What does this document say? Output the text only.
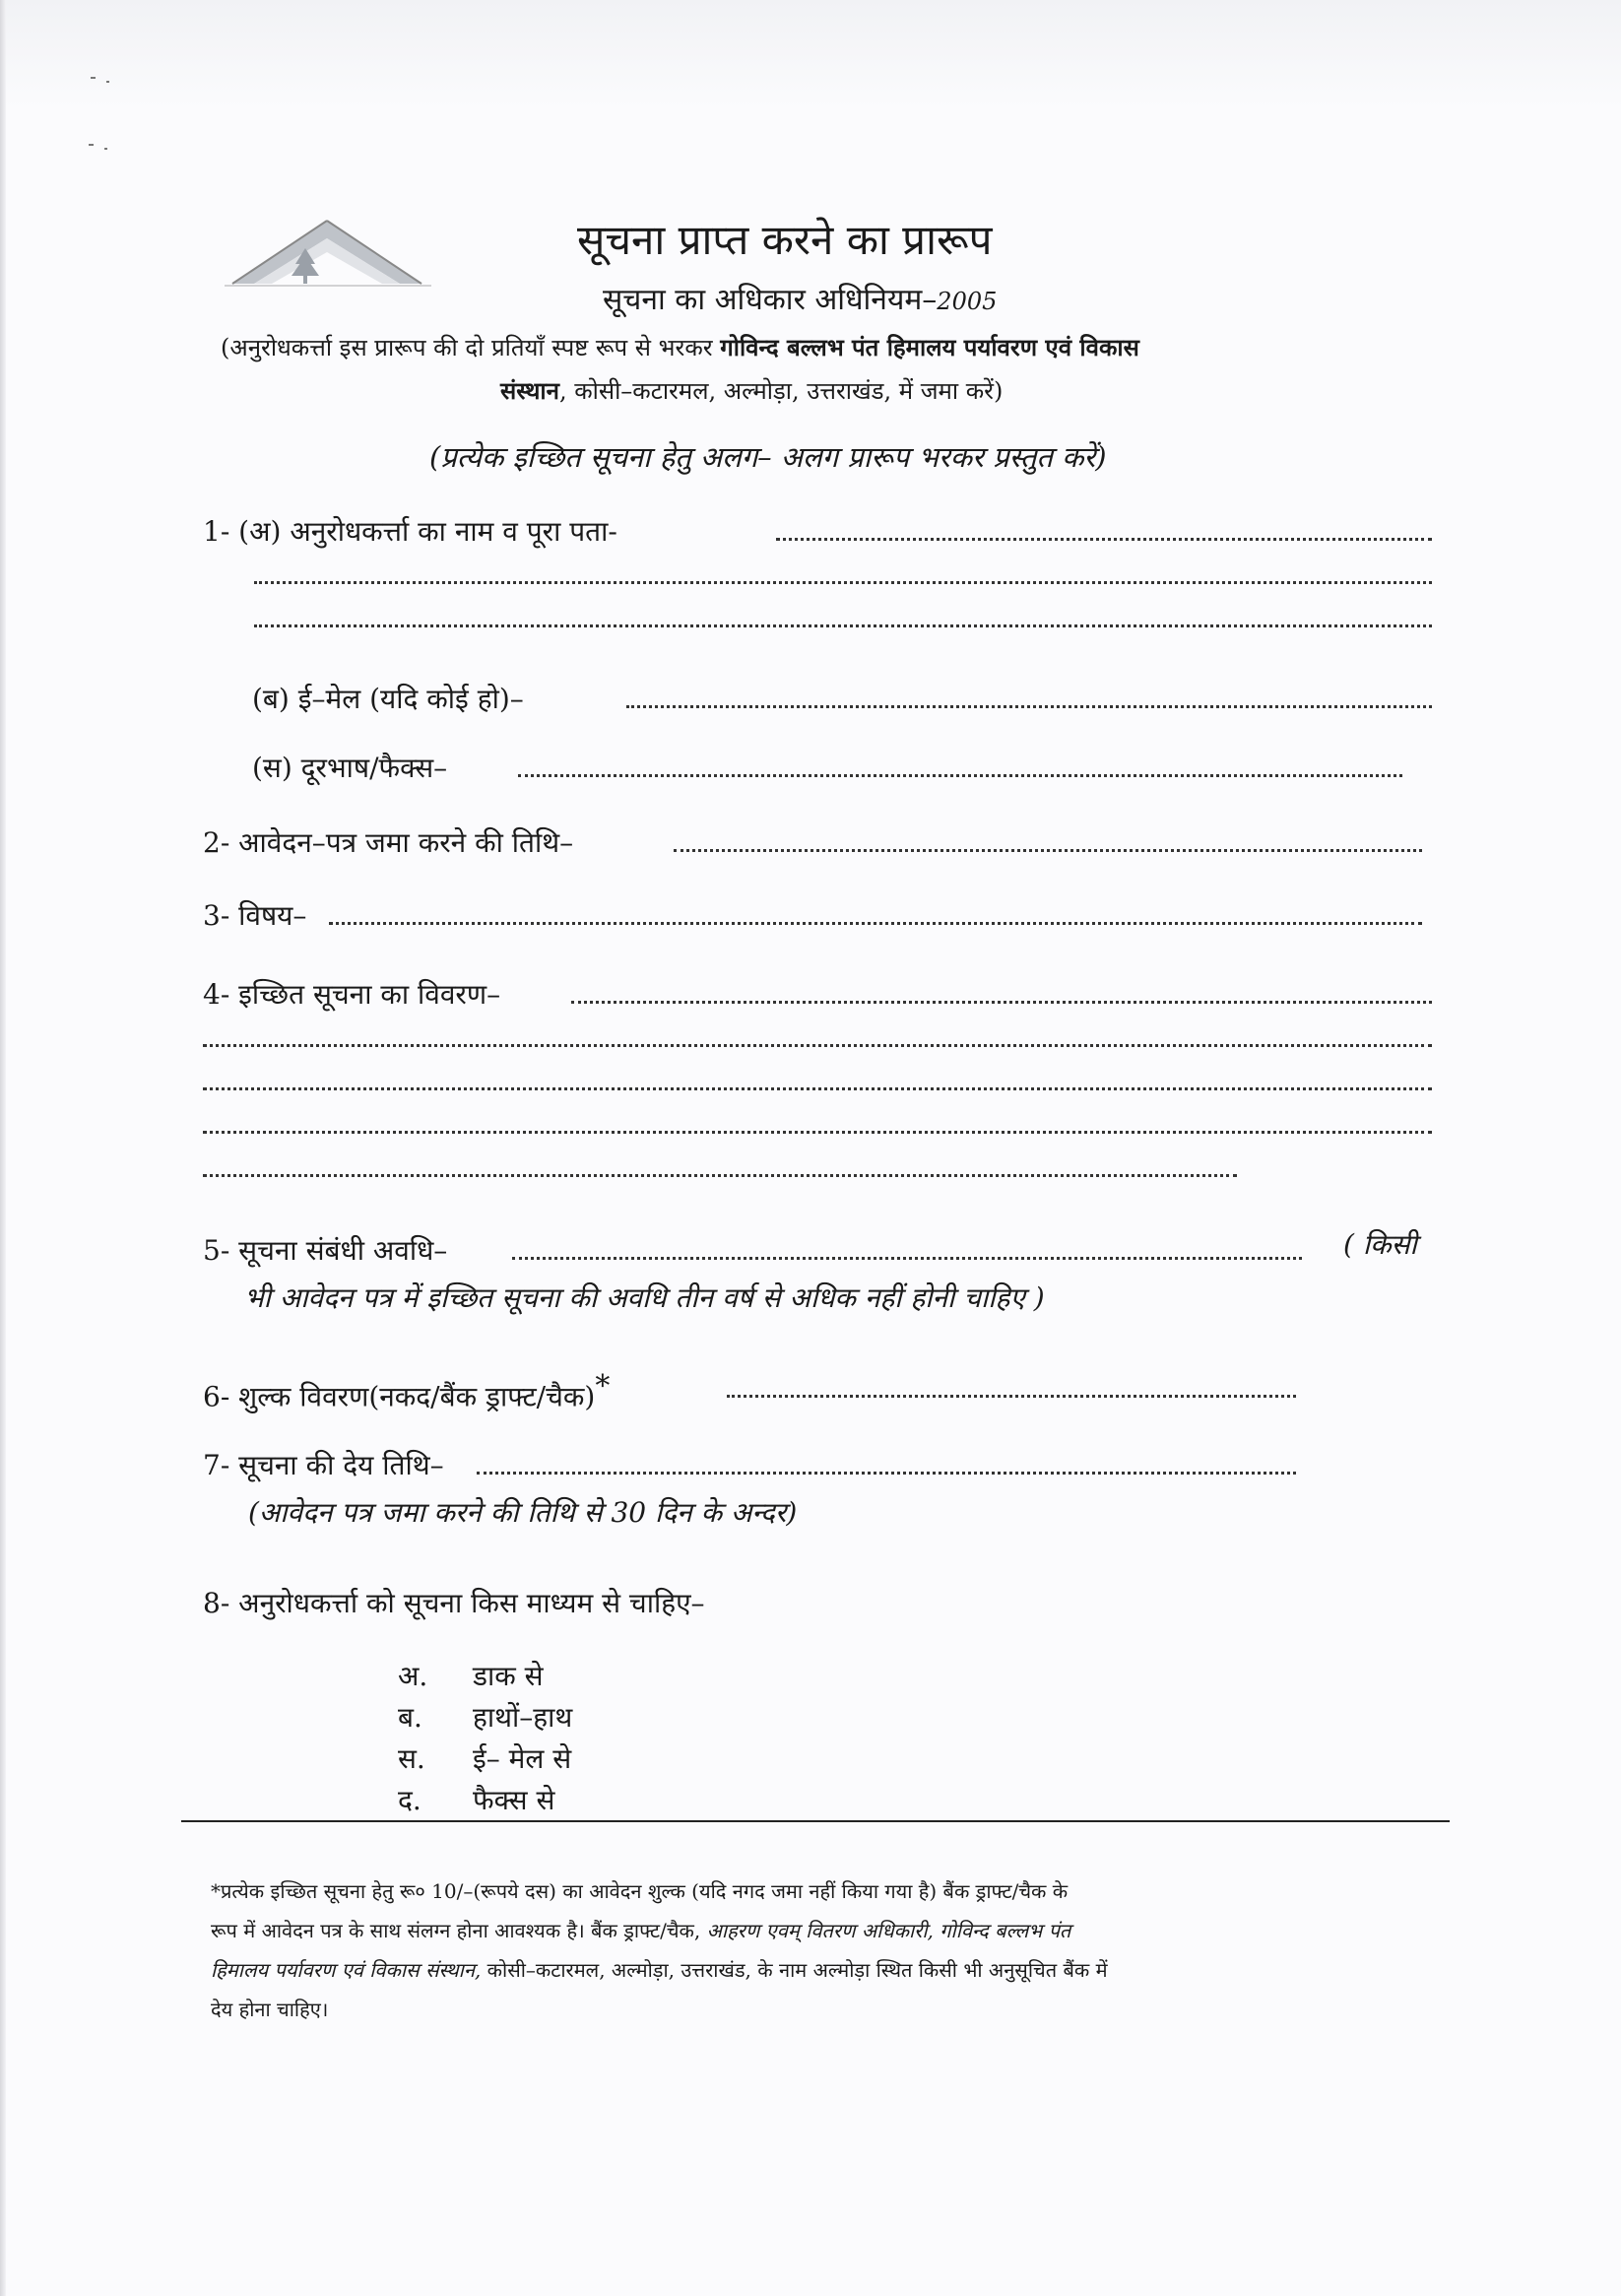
सूचना प्राप्त करने का प्रारूप
सूचना का अधिकार अधिनियम–2005
(अनुरोधकर्त्ता इस प्रारूप की दो प्रतियाँ स्पष्ट रूप से भरकर गोविन्द बल्लभ पंत हिमालय पर्यावरण एवं विकास
संस्थान, कोसी–कटारमल, अल्मोड़ा, उत्तराखंड, में जमा करें)
(प्रत्येक इच्छित सूचना हेतु अलग– अलग प्रारूप भरकर प्रस्तुत करें)
1- (अ) अनुरोधकर्त्ता का नाम व पूरा पता-
(ब) ई–मेल (यदि कोई हो)–
(स) दूरभाष/फैक्स–
2- आवेदन–पत्र जमा करने की तिथि–
3- विषय–
4- इच्छित सूचना का विवरण–
5- सूचना संबंधी अवधि–	( किसी
भी आवेदन पत्र में इच्छित सूचना की अवधि तीन वर्ष से अधिक नहीं होनी चाहिए )
6- शुल्क विवरण(नकद/बैंक ड्राफ्ट/चैक)*
7- सूचना की देय तिथि–
(आवेदन पत्र जमा करने की तिथि से 30 दिन के अन्दर)
8- अनुरोधकर्त्ता को सूचना किस माध्यम से चाहिए–
अ. डाक से
ब. हाथों–हाथ
स. ई– मेल से
द. फैक्स से
*प्रत्येक इच्छित सूचना हेतु रू० 10/–(रूपये दस) का आवेदन शुल्क (यदि नगद जमा नहीं किया गया है) बैंक ड्राफ्ट/चैक के
रूप में आवेदन पत्र के साथ संलग्न होना आवश्यक है। बैंक ड्राफ्ट/चैक, आहरण एवम् वितरण अधिकारी, गोविन्द बल्लभ पंत
हिमालय पर्यावरण एवं विकास संस्थान, कोसी–कटारमल, अल्मोड़ा, उत्तराखंड, के नाम अल्मोड़ा स्थित किसी भी अनुसूचित बैंक में
देय होना चाहिए।
